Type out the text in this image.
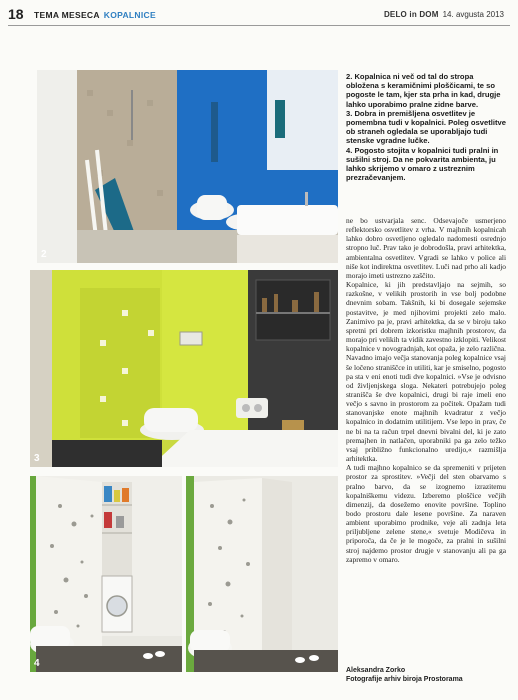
18 TEMA MESECA KOPALNICE	DELO in DOM 14. avgusta 2013
2
3
4

2. Kopalnica ni več od tal do stropa obložena s keramičnimi ploščicami, te so pogoste le tam, kjer sta prha in kad, drugje lahko uporabimo pralne zidne barve.

3. Dobra in premišljena osvetlitev je pomembna tudi v kopalnici. Poleg osvetlitve ob straneh ogledala se uporabljajo tudi stenske vgradne lučke.

4. Pogosto stojita v kopalnici tudi pralni in sušilni stroj. Da ne pokvarita ambienta, ju lahko skrijemo v omaro z ustreznim prezračevanjem.

ne bo ustvarjala senc. Odsevajoče usmerjeno reflektorsko osvetlitev z vrha. V majhnih kopalnicah lahko dobro osvetljeno ogledalo nadomesti osrednjo stropno luč. Prav tako je dobrodošla, pravi arhitektka, ambientalna osvetlitev. Vgradi se lahko v police ali niše kot indirektna osvetlitev. Luči nad prho ali kadjo morajo imeti ustrezno zaščito.

Kopalnice, ki jih predstavljajo na sejmih, so razkošne, v velikih prostorih in vse bolj podobne dnevnim sobam. Takšnih, ki bi dosegale sejemske postavitve, je med njihovimi projekti zelo malo. Zanimivo pa je, pravi arhitektka, da se v biroju tako spretni pri dobrem izkoristku majhnih prostorov, da morajo pri velikih ta vidik zavestno izklopiti. Velikost kopalnice v novogradnjah, kot opaža, je zelo različna. Navadno imajo večja stanovanja poleg kopalnice vsaj še ločeno straniščce in utiliti, kar je smiselno, pogosto pa sta v eni enoti tudi dve kopalnici. »Vse je odvisno od življenjskega sloga. Nekateri potrebujejo poleg stranišča še dve kopalnici, drugi bi raje imeli eno večjo s savno in prostorom za počitek. Opažam tudi stanovanjske enote majhnih kvadratur z večjo kopalnico in dodatnim utilitijem. Vse lepo in prav, če ne bi na ta račun trpel dnevni bivalni del, ki je zato premajhen in natlačen, uporabniki pa ga zelo težko vsaj približno funkcionalno uredijo,« razmišlja arhitektka.

A tudi majhno kopalnico se da spremeniti v prijeten prostor za sprostitev. »Večji del sten obarvamo s pralno barvo, da se izognemo izrazitemu kopalniškemu videzu. Izberemo ploščice večjih dimenzij, da dosežemo enovite površine. Toplino bodo prostoru dale lesene površine. Za naraven ambient uporabimo prodnike, veje ali zadnja leta priljubljene zelene stene,« svetuje Modičeva in priporoča, da če je le mogoče, za pralni in sušilni stroj najdemo prostor drugje v stanovanju ali pa ga zapremo v omaro.

Aleksandra Zorko
Fotografije arhiv biroja Prostorama
